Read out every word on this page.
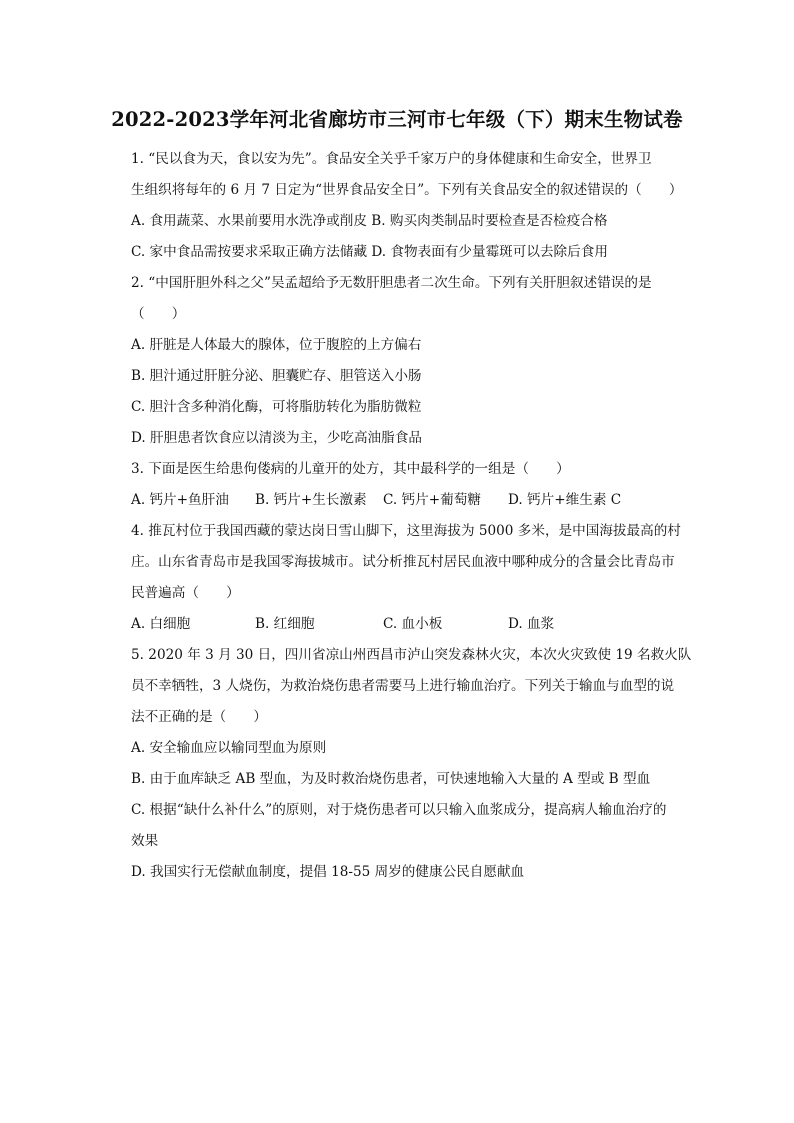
2022-2023学年河北省廊坊市三河市七年级（下）期末生物试卷
1. “民以食为天，食以安为先”。食品安全关乎千家万户的身体健康和生命安全，世界卫
生组织将每年的 6 月 7 日定为“世界食品安全日”。下列有关食品安全的叙述错误的（　　）
A. 食用蔬菜、水果前要用水洗净或削皮 B. 购买肉类制品时要检查是否检疫合格
C. 家中食品需按要求采取正确方法储藏 D. 食物表面有少量霉斑可以去除后食用
2. “中国肝胆外科之父”吴孟超给予无数肝胆患者二次生命。下列有关肝胆叙述错误的是
（　　）
A. 肝脏是人体最大的腺体，位于腹腔的上方偏右
B. 胆汁通过肝脏分泌、胆囊贮存、胆管送入小肠
C. 胆汁含多种消化酶，可将脂肪转化为脂肪微粒
D. 肝胆患者饮食应以清淡为主，少吃高油脂食品
3. 下面是医生给患佝偻病的儿童开的处方，其中最科学的一组是（　　）
A. 钙片+鱼肝油 B. 钙片+生长激素 C. 钙片+葡萄糖 D. 钙片+维生素 C
4. 推瓦村位于我国西藏的蒙达岗日雪山脚下，这里海拔为 5000 多米，是中国海拔最高的村
庄。山东省青岛市是我国零海拔城市。试分析推瓦村居民血液中哪种成分的含量会比青岛市
民普遍高（　　）
A. 白细胞	B. 红细胞	C. 血小板	D. 血浆
5. 2020 年 3 月 30 日，四川省凉山州西昌市泸山突发森林火灾，本次火灾致使 19 名救火队
员不幸牺牲，3 人烧伤，为救治烧伤患者需要马上进行输血治疗。下列关于输血与血型的说
法不正确的是（　　）
A. 安全输血应以输同型血为原则
B. 由于血库缺乏 AB 型血，为及时救治烧伤患者，可快速地输入大量的 A 型或 B 型血
C. 根据“缺什么补什么”的原则，对于烧伤患者可以只输入血浆成分，提高病人输血治疗的
效果
D. 我国实行无偿献血制度，提倡 18-55 周岁的健康公民自愿献血
